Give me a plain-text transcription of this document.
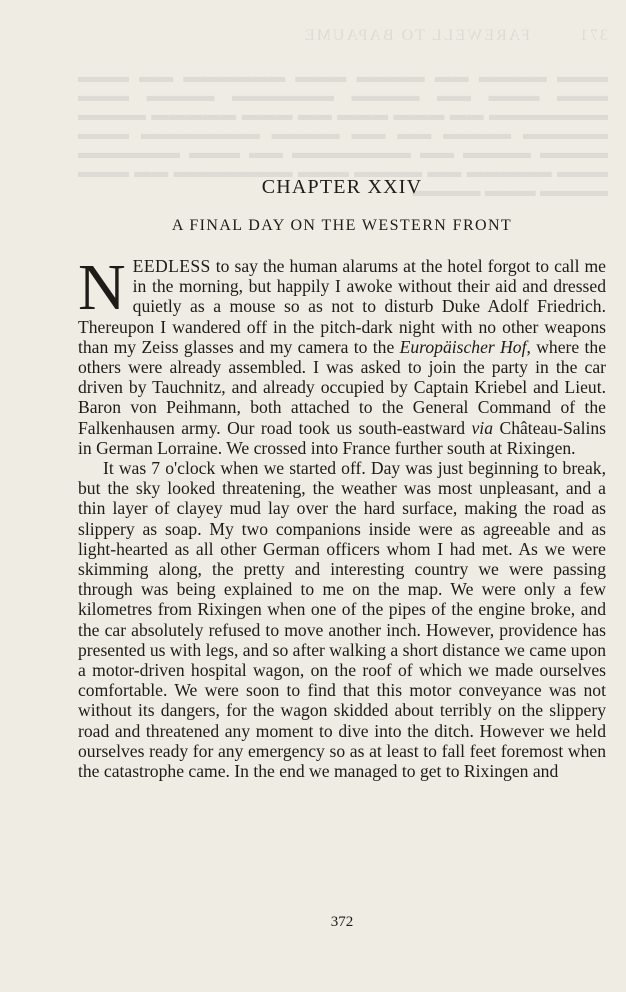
371        FAREWELL TO BAPAUME
▬▬▬ ▬▬▬▬ ▬▬ ▬▬▬▬ ▬▬▬ ▬▬▬▬▬▬ ▬▬ ▬▬▬ ▬▬▬ ▬▬▬ ▬▬ ▬▬▬▬ ▬▬▬▬▬▬ ▬▬▬▬ ▬▬▬ ▬▬▬▬▬▬▬ ▬▬ ▬▬▬ ▬▬▬ ▬▬ ▬▬▬ ▬▬▬▬▬ ▬▬▬▬ ▬▬▬▬▬ ▬▬▬▬ ▬▬ ▬▬ ▬▬▬▬ ▬▬▬▬▬▬▬ ▬▬▬ ▬▬▬▬ ▬▬▬▬ ▬▬ ▬▬▬▬▬▬▬ ▬▬ ▬▬▬ ▬▬▬▬▬▬ ▬▬▬ ▬▬▬▬▬ ▬▬ ▬▬▬▬ ▬▬▬ ▬▬▬▬▬▬▬ ▬▬ ▬▬▬ ▬▬▬▬ ▬▬▬ ▬▬▬▬
CHAPTER XXIV
A FINAL DAY ON THE WESTERN FRONT

NEEDLESS to say the human alarums at the hotel forgot to call me in the morning, but happily I awoke without their aid and dressed quietly as a mouse so as not to disturb Duke Adolf Friedrich. Thereupon I wandered off in the pitch-dark night with no other weapons than my Zeiss glasses and my camera to the Europäischer Hof, where the others were already assembled. I was asked to join the party in the car driven by Tauchnitz, and already occupied by Captain Kriebel and Lieut. Baron von Peihmann, both attached to the General Command of the Falkenhausen army. Our road took us south-eastward via Château-Salins in German Lorraine. We crossed into France further south at Rixingen.

It was 7 o'clock when we started off. Day was just beginning to break, but the sky looked threatening, the weather was most unpleasant, and a thin layer of clayey mud lay over the hard surface, making the road as slippery as soap. My two companions inside were as agreeable and as light-hearted as all other German officers whom I had met. As we were skimming along, the pretty and interesting country we were passing through was being explained to me on the map. We were only a few kilometres from Rixingen when one of the pipes of the engine broke, and the car absolutely refused to move another inch. However, providence has presented us with legs, and so after walking a short distance we came upon a motor-driven hospital wagon, on the roof of which we made ourselves comfortable. We were soon to find that this motor conveyance was not without its dangers, for the wagon skidded about terribly on the slippery road and threatened any moment to dive into the ditch. However we held ourselves ready for any emergency so as at least to fall feet foremost when the catastrophe came. In the end we managed to get to Rixingen and

372
